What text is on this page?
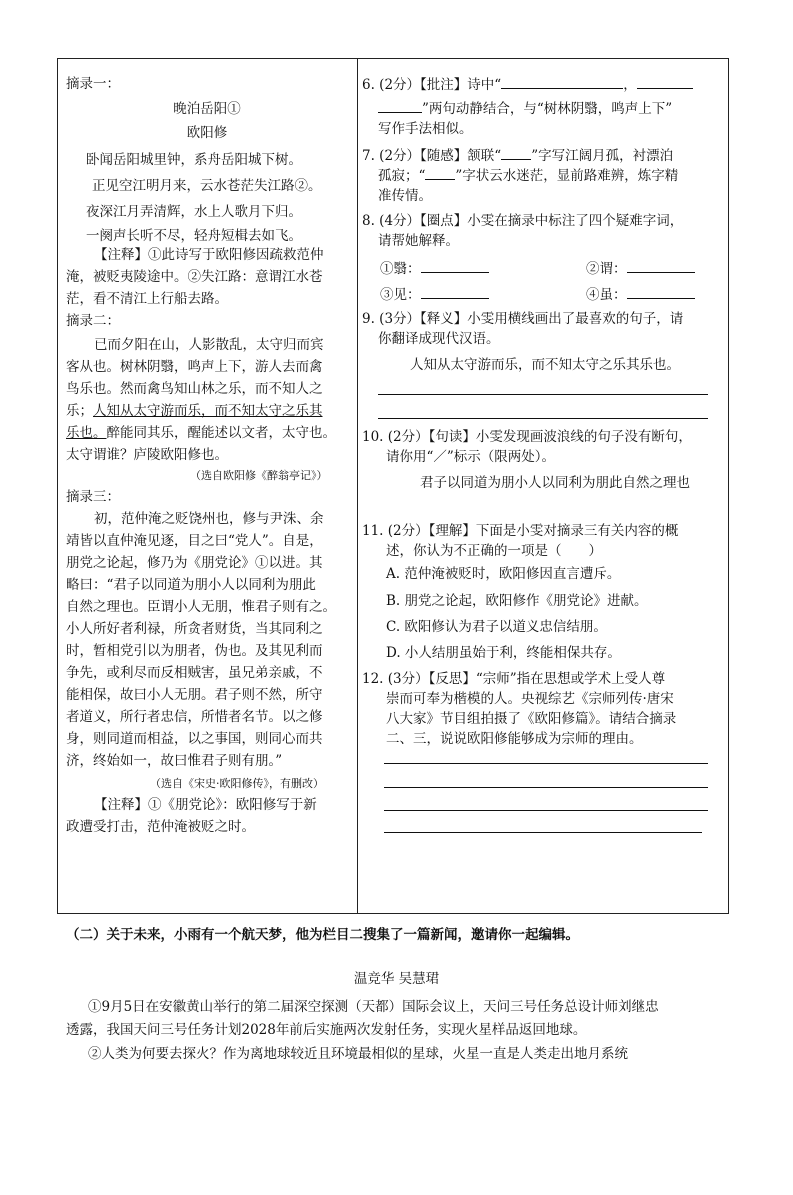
摘录一：
晚泊岳阳①
欧阳修
卧闻岳阳城里钟，系舟岳阳城下树。
正见空江明月来，云水苍茫失江路②。
夜深江月弄清辉，水上人歌月下归。
一阕声长听不尽，轻舟短楫去如飞。
【注释】①此诗写于欧阳修因疏救范仲
淹，被贬夷陵途中。②失江路：意谓江水苍
茫，看不清江上行船去路。
摘录二：
已而夕阳在山，人影散乱，太守归而宾
客从也。树林阴翳，鸣声上下，游人去而禽
鸟乐也。然而禽鸟知山林之乐，而不知人之
乐；人知从太守游而乐，而不知太守之乐其
乐也。醉能同其乐，醒能述以文者，太守也。
太守谓谁？庐陵欧阳修也。
（选自欧阳修《醉翁亭记》）
摘录三：
初，范仲淹之贬饶州也，修与尹洙、余
靖皆以直仲淹见逐，目之曰“党人”。自是，
朋党之论起，修乃为《朋党论》①以进。其
略曰：“君子以同道为朋小人以同利为朋此
自然之理也。臣谓小人无朋，惟君子则有之。
小人所好者利禄，所贪者财货，当其同利之
时，暂相党引以为朋者，伪也。及其见利而
争先，或利尽而反相贼害，虽兄弟亲戚，不
能相保，故曰小人无朋。君子则不然，所守
者道义，所行者忠信，所惜者名节。以之修
身，则同道而相益，以之事国，则同心而共
济，终始如一，故曰惟君子则有朋。”
（选自《宋史·欧阳修传》，有删改）
【注释】①《朋党论》：欧阳修写于新
政遭受打击，范仲淹被贬之时。
6. (2分）【批注】诗中“	，
”两句动静结合，与“树林阴翳，鸣声上下”
写作手法相似。
7. (2分）【随感】颔联“ ”字写江阔月孤，衬漂泊
孤寂；“ ”字状云水迷茫，显前路难辨，炼字精
准传情。
8. (4分）【圈点】小雯在摘录中标注了四个疑难字词，
请帮她解释。
①翳：	②谓：
③见：	④虽：
9. (3分）【释义】小雯用横线画出了最喜欢的句子，请
你翻译成现代汉语。
人知从太守游而乐，而不知太守之乐其乐也。
10. (2分）【句读】小雯发现画波浪线的句子没有断句，
请你用“／”标示（限两处）。
君子以同道为朋小人以同利为朋此自然之理也
11. (2分）【理解】下面是小雯对摘录三有关内容的概
述，你认为不正确的一项是（　　）
A. 范仲淹被贬时，欧阳修因直言遭斥。
B. 朋党之论起，欧阳修作《朋党论》进献。
C. 欧阳修认为君子以道义忠信结朋。
D. 小人结朋虽始于利，终能相保共存。
12. (3分）【反思】“宗师”指在思想或学术上受人尊
崇而可奉为楷模的人。央视综艺《宗师列传·唐宋
八大家》节目组拍摄了《欧阳修篇》。请结合摘录
二、三，说说欧阳修能够成为宗师的理由。
（二）关于未来，小雨有一个航天梦，他为栏目二搜集了一篇新闻，邀请你一起编辑。
温竞华 吴慧珺
①9月5日在安徽黄山举行的第二届深空探测（天都）国际会议上，天问三号任务总设计师刘继忠
透露，我国天问三号任务计划2028年前后实施两次发射任务，实现火星样品返回地球。
②人类为何要去探火？作为离地球较近且环境最相似的星球，火星一直是人类走出地月系统
